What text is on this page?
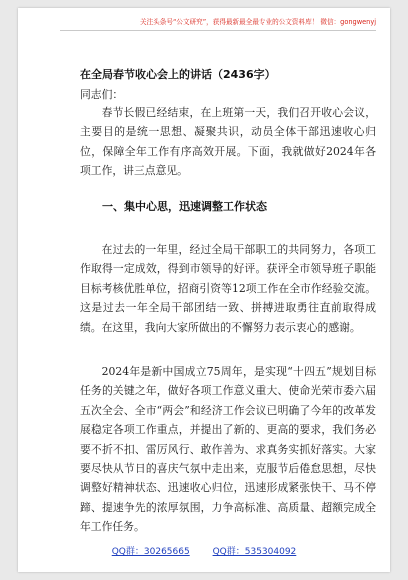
关注头条号“公文研究”，获得最新最全最专业的公文资料库！ 微信：gongwenyj
在全局春节收心会上的讲话（2436字）
同志们：

春节长假已经结束，在上班第一天，我们召开收心会议，主要目的是统一思想、凝聚共识，动员全体干部迅速收心归位，保障全年工作有序高效开展。下面，我就做好2024年各项工作，讲三点意见。

一、集中心思，迅速调整工作状态

在过去的一年里，经过全局干部职工的共同努力，各项工作取得一定成效，得到市领导的好评。获评全市领导班子职能目标考核优胜单位，招商引资等12项工作在全市作经验交流。这是过去一年全局干部团结一致、拼搏进取勇往直前取得成绩。在这里，我向大家所做出的不懈努力表示衷心的感谢。

2024年是新中国成立75周年，是实现“十四五”规划目标任务的关键之年，做好各项工作意义重大、使命光荣市委六届五次全会、全市“两会”和经济工作会议已明确了今年的改革发展稳定各项工作重点，并提出了新的、更高的要求，我们务必要不折不扣、雷厉风行、敢作善为、求真务实抓好落实。大家要尽快从节日的喜庆气氛中走出来，克服节后倦怠思想，尽快调整好精神状态、迅速收心归位，迅速形成紧张快干、马不停蹄、提速争先的浓厚氛围，力争高标准、高质量、超额完成全年工作任务。

QQ群：30265665	QQ群：535304092
